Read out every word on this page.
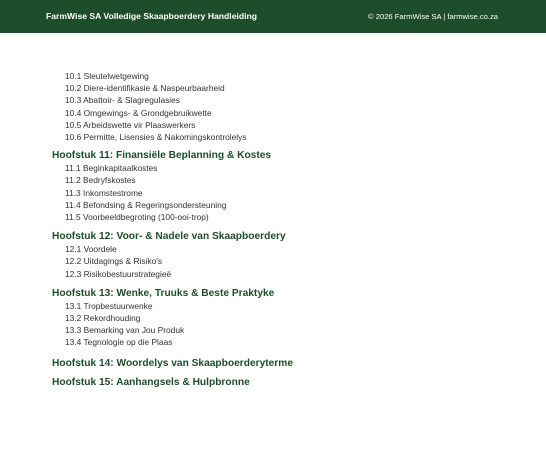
FarmWise SA Volledige Skaapboerdery Handleiding	© 2026 FarmWise SA | farmwise.co.za
10.1 Sleutelwetgewing
10.2 Diere-identifikasie & Naspeurbaarheid
10.3 Abattoir- & Slagregulasies
10.4 Omgewings- & Grondgebruikwette
10.5 Arbeidswette vir Plaaswerkers
10.6 Permitte, Lisensies & Nakomingskontrolelys
Hoofstuk 11: Finansiële Beplanning & Kostes
11.1 Beginkapitaalkostes
11.2 Bedryfskostes
11.3 Inkomstestrome
11.4 Befondsing & Regeringsondersteuning
11.5 Voorbeeldbegroting (100-ooi-trop)
Hoofstuk 12: Voor- & Nadele van Skaapboerdery
12.1 Voordele
12.2 Uitdagings & Risiko's
12.3 Risikobestuurstrategieë
Hoofstuk 13: Wenke, Truuks & Beste Praktyke
13.1 Tropbestuurwenke
13.2 Rekordhouding
13.3 Bemarking van Jou Produk
13.4 Tegnologie op die Plaas
Hoofstuk 14: Woordelys van Skaapboerderyterme
Hoofstuk 15: Aanhangsels & Hulpbronne
